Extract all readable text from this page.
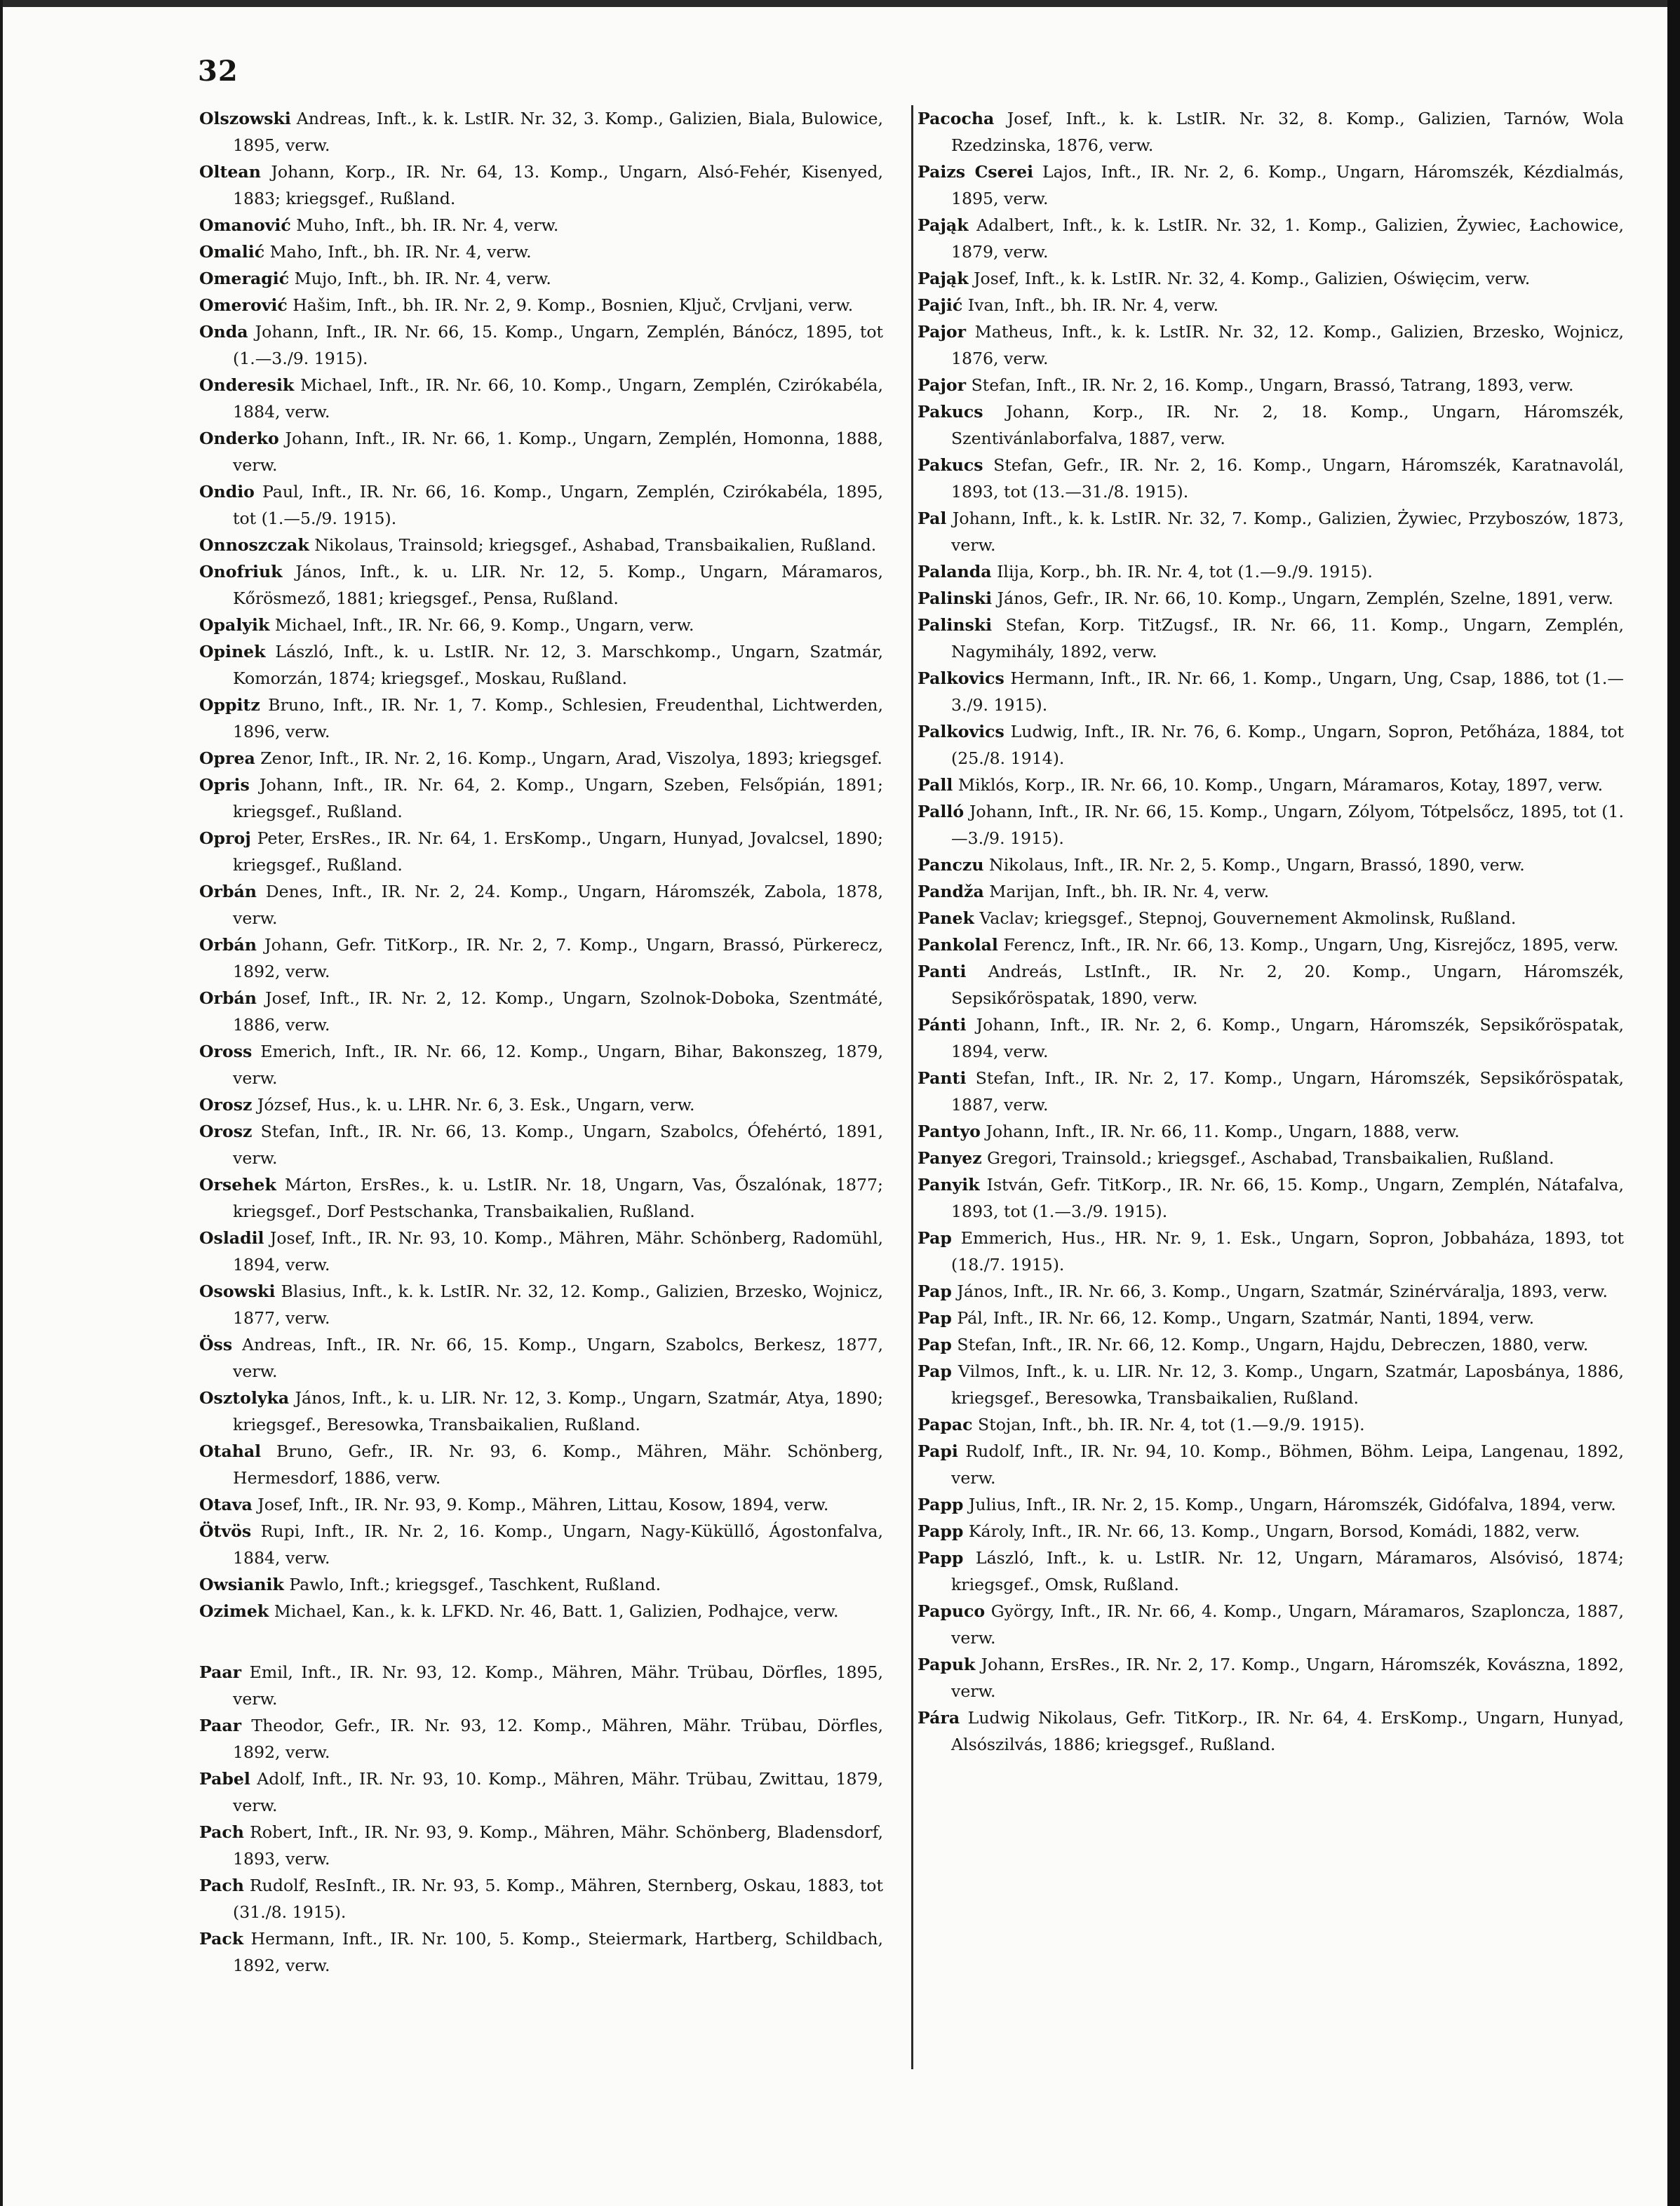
32

Olszowski Andreas, Inft., k. k. LstIR. Nr. 32, 3. Komp., Galizien, Biala, Bulowice, 1895, verw.

Oltean Johann, Korp., IR. Nr. 64, 13. Komp., Ungarn, Alsó-Fehér, Kisenyed, 1883; kriegsgef., Rußland.

Omanović Muho, Inft., bh. IR. Nr. 4, verw.

Omalić Maho, Inft., bh. IR. Nr. 4, verw.

Omeragić Mujo, Inft., bh. IR. Nr. 4, verw.

Omerović Hašim, Inft., bh. IR. Nr. 2, 9. Komp., Bosnien, Ključ, Crvljani, verw.

Onda Johann, Inft., IR. Nr. 66, 15. Komp., Ungarn, Zemplén, Bánócz, 1895, tot (1.—3./9. 1915).

Onderesik Michael, Inft., IR. Nr. 66, 10. Komp., Ungarn, Zemplén, Czirókabéla, 1884, verw.

Onderko Johann, Inft., IR. Nr. 66, 1. Komp., Ungarn, Zemplén, Homonna, 1888, verw.

Ondio Paul, Inft., IR. Nr. 66, 16. Komp., Ungarn, Zemplén, Czirókabéla, 1895, tot (1.—5./9. 1915).

Onnoszczak Nikolaus, Trainsold; kriegsgef., Ashabad, Transbaikalien, Rußland.

Onofriuk János, Inft., k. u. LIR. Nr. 12, 5. Komp., Ungarn, Máramaros, Kőrösmező, 1881; kriegsgef., Pensa, Rußland.

Opalyik Michael, Inft., IR. Nr. 66, 9. Komp., Ungarn, verw.

Opinek László, Inft., k. u. LstIR. Nr. 12, 3. Marschkomp., Ungarn, Szatmár, Komorzán, 1874; kriegsgef., Moskau, Rußland.

Oppitz Bruno, Inft., IR. Nr. 1, 7. Komp., Schlesien, Freudenthal, Lichtwerden, 1896, verw.

Oprea Zenor, Inft., IR. Nr. 2, 16. Komp., Ungarn, Arad, Viszolya, 1893; kriegsgef.

Opris Johann, Inft., IR. Nr. 64, 2. Komp., Ungarn, Szeben, Felsőpián, 1891; kriegsgef., Rußland.

Oproj Peter, ErsRes., IR. Nr. 64, 1. ErsKomp., Ungarn, Hunyad, Jovalcsel, 1890; kriegsgef., Rußland.

Orbán Denes, Inft., IR. Nr. 2, 24. Komp., Ungarn, Háromszék, Zabola, 1878, verw.

Orbán Johann, Gefr. TitKorp., IR. Nr. 2, 7. Komp., Ungarn, Brassó, Pürkerecz, 1892, verw.

Orbán Josef, Inft., IR. Nr. 2, 12. Komp., Ungarn, Szolnok-Doboka, Szentmáté, 1886, verw.

Oross Emerich, Inft., IR. Nr. 66, 12. Komp., Ungarn, Bihar, Bakonszeg, 1879, verw.

Orosz József, Hus., k. u. LHR. Nr. 6, 3. Esk., Ungarn, verw.

Orosz Stefan, Inft., IR. Nr. 66, 13. Komp., Ungarn, Szabolcs, Ófehértó, 1891, verw.

Orsehek Márton, ErsRes., k. u. LstIR. Nr. 18, Ungarn, Vas, Őszalónak, 1877; kriegsgef., Dorf Pestschanka, Transbaikalien, Rußland.

Osladil Josef, Inft., IR. Nr. 93, 10. Komp., Mähren, Mähr. Schönberg, Radomühl, 1894, verw.

Osowski Blasius, Inft., k. k. LstIR. Nr. 32, 12. Komp., Galizien, Brzesko, Wojnicz, 1877, verw.

Öss Andreas, Inft., IR. Nr. 66, 15. Komp., Ungarn, Szabolcs, Berkesz, 1877, verw.

Osztolyka János, Inft., k. u. LIR. Nr. 12, 3. Komp., Ungarn, Szatmár, Atya, 1890; kriegsgef., Beresowka, Transbaikalien, Rußland.

Otahal Bruno, Gefr., IR. Nr. 93, 6. Komp., Mähren, Mähr. Schönberg, Hermesdorf, 1886, verw.

Otava Josef, Inft., IR. Nr. 93, 9. Komp., Mähren, Littau, Kosow, 1894, verw.

Ötvös Rupi, Inft., IR. Nr. 2, 16. Komp., Ungarn, Nagy-Küküllő, Ágostonfalva, 1884, verw.

Owsianik Pawlo, Inft.; kriegsgef., Taschkent, Rußland.

Ozimek Michael, Kan., k. k. LFKD. Nr. 46, Batt. 1, Galizien, Podhajce, verw.

Paar Emil, Inft., IR. Nr. 93, 12. Komp., Mähren, Mähr. Trübau, Dörfles, 1895, verw.

Paar Theodor, Gefr., IR. Nr. 93, 12. Komp., Mähren, Mähr. Trübau, Dörfles, 1892, verw.

Pabel Adolf, Inft., IR. Nr. 93, 10. Komp., Mähren, Mähr. Trübau, Zwittau, 1879, verw.

Pach Robert, Inft., IR. Nr. 93, 9. Komp., Mähren, Mähr. Schönberg, Bladensdorf, 1893, verw.

Pach Rudolf, ResInft., IR. Nr. 93, 5. Komp., Mähren, Sternberg, Oskau, 1883, tot (31./8. 1915).

Pack Hermann, Inft., IR. Nr. 100, 5. Komp., Steiermark, Hartberg, Schildbach, 1892, verw.

Pacocha Josef, Inft., k. k. LstIR. Nr. 32, 8. Komp., Galizien, Tarnów, Wola Rzedzinska, 1876, verw.

Paizs Cserei Lajos, Inft., IR. Nr. 2, 6. Komp., Ungarn, Háromszék, Kézdialmás, 1895, verw.

Pająk Adalbert, Inft., k. k. LstIR. Nr. 32, 1. Komp., Galizien, Żywiec, Łachowice, 1879, verw.

Pająk Josef, Inft., k. k. LstIR. Nr. 32, 4. Komp., Galizien, Oświęcim, verw.

Pajić Ivan, Inft., bh. IR. Nr. 4, verw.

Pajor Matheus, Inft., k. k. LstIR. Nr. 32, 12. Komp., Galizien, Brzesko, Wojnicz, 1876, verw.

Pajor Stefan, Inft., IR. Nr. 2, 16. Komp., Ungarn, Brassó, Tatrang, 1893, verw.

Pakucs Johann, Korp., IR. Nr. 2, 18. Komp., Ungarn, Háromszék, Szentivánlaborfalva, 1887, verw.

Pakucs Stefan, Gefr., IR. Nr. 2, 16. Komp., Ungarn, Háromszék, Karatnavolál, 1893, tot (13.—31./8. 1915).

Pal Johann, Inft., k. k. LstIR. Nr. 32, 7. Komp., Galizien, Żywiec, Przyboszów, 1873, verw.

Palanda Ilija, Korp., bh. IR. Nr. 4, tot (1.—9./9. 1915).

Palinski János, Gefr., IR. Nr. 66, 10. Komp., Ungarn, Zemplén, Szelne, 1891, verw.

Palinski Stefan, Korp. TitZugsf., IR. Nr. 66, 11. Komp., Ungarn, Zemplén, Nagymihály, 1892, verw.

Palkovics Hermann, Inft., IR. Nr. 66, 1. Komp., Ungarn, Ung, Csap, 1886, tot (1.—3./9. 1915).

Palkovics Ludwig, Inft., IR. Nr. 76, 6. Komp., Ungarn, Sopron, Petőháza, 1884, tot (25./8. 1914).

Pall Miklós, Korp., IR. Nr. 66, 10. Komp., Ungarn, Máramaros, Kotay, 1897, verw.

Palló Johann, Inft., IR. Nr. 66, 15. Komp., Ungarn, Zólyom, Tótpelsőcz, 1895, tot (1.—3./9. 1915).

Panczu Nikolaus, Inft., IR. Nr. 2, 5. Komp., Ungarn, Brassó, 1890, verw.

Pandža Marijan, Inft., bh. IR. Nr. 4, verw.

Panek Vaclav; kriegsgef., Stepnoj, Gouvernement Akmolinsk, Rußland.

Pankolal Ferencz, Inft., IR. Nr. 66, 13. Komp., Ungarn, Ung, Kisrejőcz, 1895, verw.

Panti Andreás, LstInft., IR. Nr. 2, 20. Komp., Ungarn, Háromszék, Sepsikőröspatak, 1890, verw.

Pánti Johann, Inft., IR. Nr. 2, 6. Komp., Ungarn, Háromszék, Sepsikőröspatak, 1894, verw.

Panti Stefan, Inft., IR. Nr. 2, 17. Komp., Ungarn, Háromszék, Sepsikőröspatak, 1887, verw.

Pantyo Johann, Inft., IR. Nr. 66, 11. Komp., Ungarn, 1888, verw.

Panyez Gregori, Trainsold.; kriegsgef., Aschabad, Transbaikalien, Rußland.

Panyik István, Gefr. TitKorp., IR. Nr. 66, 15. Komp., Ungarn, Zemplén, Nátafalva, 1893, tot (1.—3./9. 1915).

Pap Emmerich, Hus., HR. Nr. 9, 1. Esk., Ungarn, Sopron, Jobbaháza, 1893, tot (18./7. 1915).

Pap János, Inft., IR. Nr. 66, 3. Komp., Ungarn, Szatmár, Szinérváralja, 1893, verw.

Pap Pál, Inft., IR. Nr. 66, 12. Komp., Ungarn, Szatmár, Nanti, 1894, verw.

Pap Stefan, Inft., IR. Nr. 66, 12. Komp., Ungarn, Hajdu, Debreczen, 1880, verw.

Pap Vilmos, Inft., k. u. LIR. Nr. 12, 3. Komp., Ungarn, Szatmár, Laposbánya, 1886, kriegsgef., Beresowka, Transbaikalien, Rußland.

Papac Stojan, Inft., bh. IR. Nr. 4, tot (1.—9./9. 1915).

Papi Rudolf, Inft., IR. Nr. 94, 10. Komp., Böhmen, Böhm. Leipa, Langenau, 1892, verw.

Papp Julius, Inft., IR. Nr. 2, 15. Komp., Ungarn, Háromszék, Gidófalva, 1894, verw.

Papp Károly, Inft., IR. Nr. 66, 13. Komp., Ungarn, Borsod, Komádi, 1882, verw.

Papp László, Inft., k. u. LstIR. Nr. 12, Ungarn, Máramaros, Alsóvisó, 1874; kriegsgef., Omsk, Rußland.

Papuco György, Inft., IR. Nr. 66, 4. Komp., Ungarn, Máramaros, Szaploncza, 1887, verw.

Papuk Johann, ErsRes., IR. Nr. 2, 17. Komp., Ungarn, Háromszék, Kovászna, 1892, verw.

Pára Ludwig Nikolaus, Gefr. TitKorp., IR. Nr. 64, 4. ErsKomp., Ungarn, Hunyad, Alsószilvás, 1886; kriegsgef., Rußland.
